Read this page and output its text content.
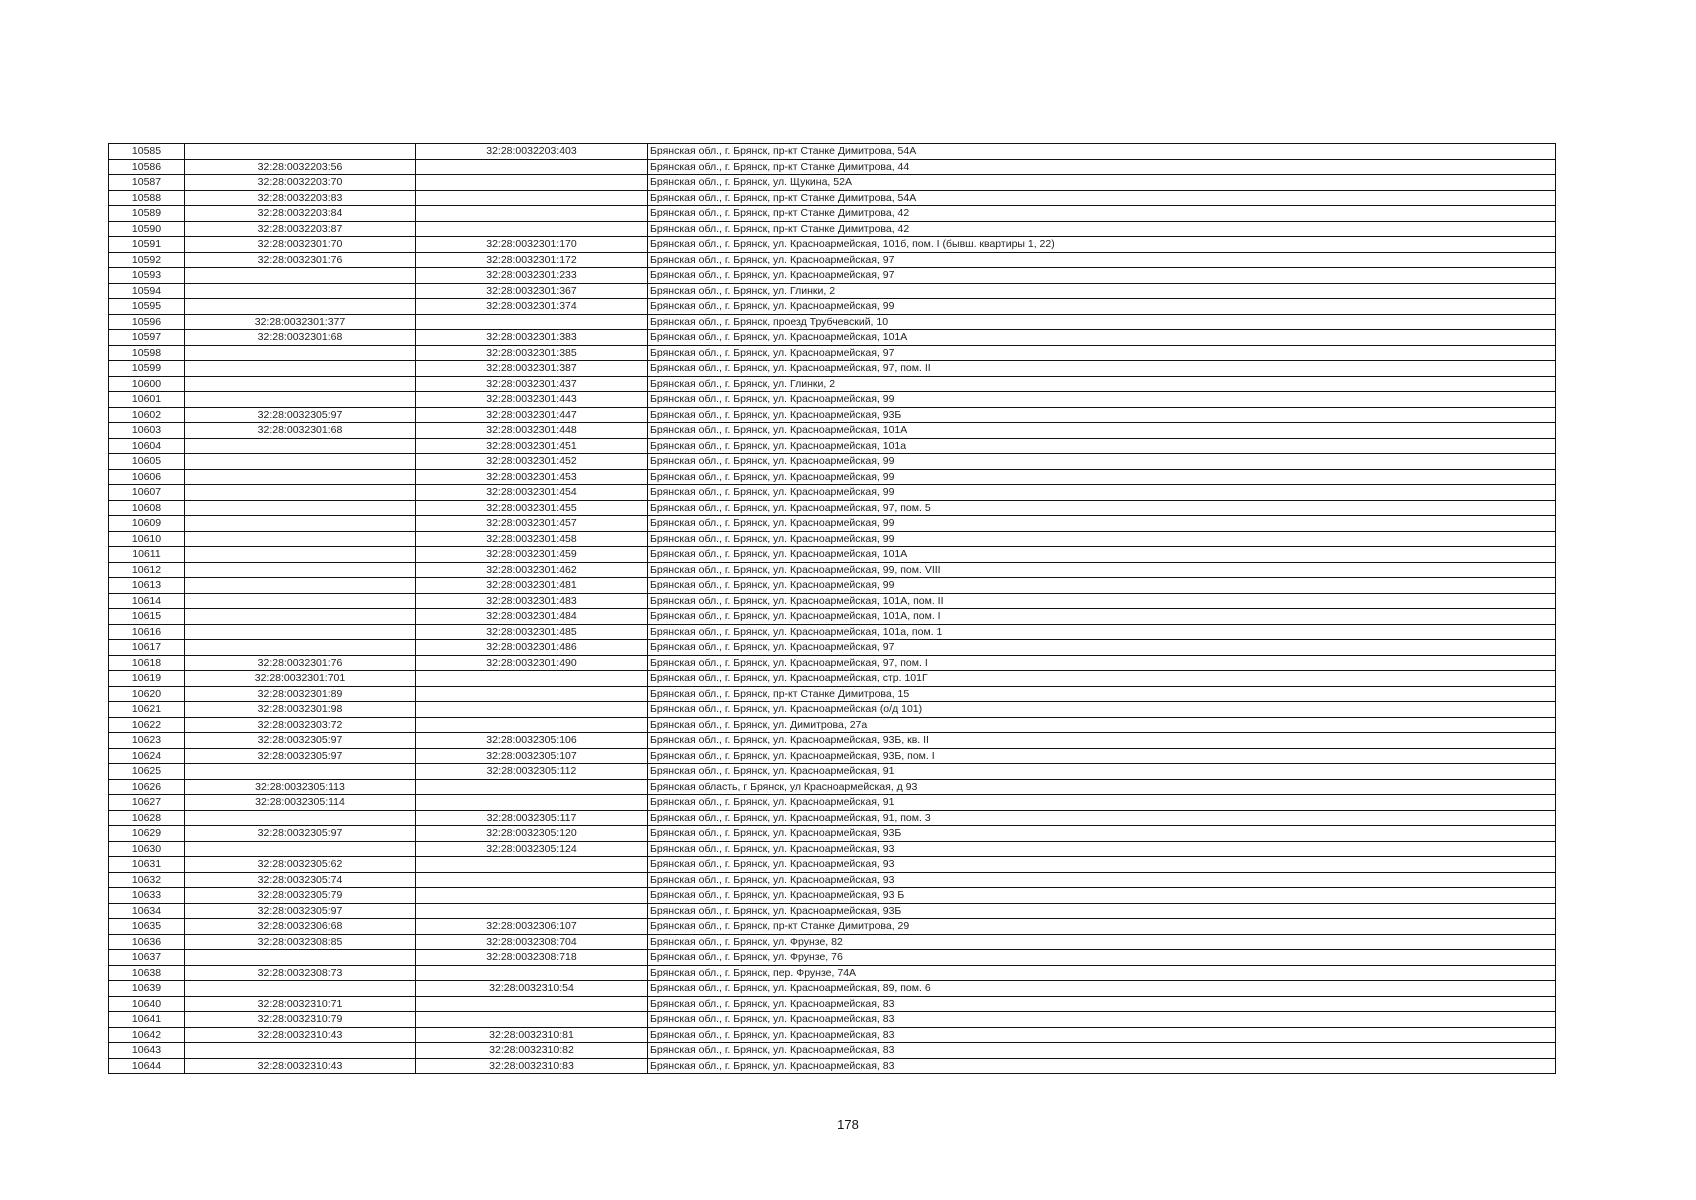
10585		32:28:0032203:403	Брянская обл., г. Брянск, пр-кт Станке Димитрова, 54А
10586	32:28:0032203:56		Брянская обл., г. Брянск, пр-кт Станке Димитрова, 44
10587	32:28:0032203:70		Брянская обл., г. Брянск, ул. Щукина, 52А
10588	32:28:0032203:83		Брянская обл., г. Брянск, пр-кт Станке Димитрова, 54А
10589	32:28:0032203:84		Брянская обл., г. Брянск, пр-кт Станке Димитрова, 42
10590	32:28:0032203:87		Брянская обл., г. Брянск, пр-кт Станке Димитрова, 42
10591	32:28:0032301:70	32:28:0032301:170	Брянская обл., г. Брянск, ул. Красноармейская, 101б, пом. I (бывш. квартиры 1, 22)
10592	32:28:0032301:76	32:28:0032301:172	Брянская обл., г. Брянск, ул. Красноармейская, 97
10593		32:28:0032301:233	Брянская обл., г. Брянск, ул. Красноармейская, 97
10594		32:28:0032301:367	Брянская обл., г. Брянск, ул. Глинки, 2
10595		32:28:0032301:374	Брянская обл., г. Брянск, ул. Красноармейская, 99
10596	32:28:0032301:377		Брянская обл., г. Брянск, проезд Трубчевский, 10
10597	32:28:0032301:68	32:28:0032301:383	Брянская обл., г. Брянск, ул. Красноармейская, 101А
10598		32:28:0032301:385	Брянская обл., г. Брянск, ул. Красноармейская, 97
10599		32:28:0032301:387	Брянская обл., г. Брянск, ул. Красноармейская, 97, пом. II
10600		32:28:0032301:437	Брянская обл., г. Брянск, ул. Глинки, 2
10601		32:28:0032301:443	Брянская обл., г. Брянск, ул. Красноармейская, 99
10602	32:28:0032305:97	32:28:0032301:447	Брянская обл., г. Брянск, ул. Красноармейская, 93Б
10603	32:28:0032301:68	32:28:0032301:448	Брянская обл., г. Брянск, ул. Красноармейская, 101А
10604		32:28:0032301:451	Брянская обл., г. Брянск, ул. Красноармейская, 101а
10605		32:28:0032301:452	Брянская обл., г. Брянск, ул. Красноармейская, 99
10606		32:28:0032301:453	Брянская обл., г. Брянск, ул. Красноармейская, 99
10607		32:28:0032301:454	Брянская обл., г. Брянск, ул. Красноармейская, 99
10608		32:28:0032301:455	Брянская обл., г. Брянск, ул. Красноармейская, 97, пом. 5
10609		32:28:0032301:457	Брянская обл., г. Брянск, ул. Красноармейская, 99
10610		32:28:0032301:458	Брянская обл., г. Брянск, ул. Красноармейская, 99
10611		32:28:0032301:459	Брянская обл., г. Брянск, ул. Красноармейская, 101А
10612		32:28:0032301:462	Брянская обл., г. Брянск, ул. Красноармейская, 99, пом. VIII
10613		32:28:0032301:481	Брянская обл., г. Брянск, ул. Красноармейская, 99
10614		32:28:0032301:483	Брянская обл., г. Брянск, ул. Красноармейская, 101А, пом. II
10615		32:28:0032301:484	Брянская обл., г. Брянск, ул. Красноармейская, 101А, пом. I
10616		32:28:0032301:485	Брянская обл., г. Брянск, ул. Красноармейская, 101а, пом. 1
10617		32:28:0032301:486	Брянская обл., г. Брянск, ул. Красноармейская, 97
10618	32:28:0032301:76	32:28:0032301:490	Брянская обл., г. Брянск, ул. Красноармейская, 97, пом. I
10619	32:28:0032301:701		Брянская обл., г. Брянск, ул. Красноармейская, стр. 101Г
10620	32:28:0032301:89		Брянская обл., г. Брянск, пр-кт Станке Димитрова, 15
10621	32:28:0032301:98		Брянская обл., г. Брянск, ул. Красноармейская (о/д 101)
10622	32:28:0032303:72		Брянская обл., г. Брянск, ул. Димитрова, 27а
10623	32:28:0032305:97	32:28:0032305:106	Брянская обл., г. Брянск, ул. Красноармейская, 93Б, кв. II
10624	32:28:0032305:97	32:28:0032305:107	Брянская обл., г. Брянск, ул. Красноармейская, 93Б, пом. I
10625		32:28:0032305:112	Брянская обл., г. Брянск, ул. Красноармейская, 91
10626	32:28:0032305:113		Брянская область, г Брянск, ул Красноармейская, д 93
10627	32:28:0032305:114		Брянская обл., г. Брянск, ул. Красноармейская, 91
10628		32:28:0032305:117	Брянская обл., г. Брянск, ул. Красноармейская, 91, пом. 3
10629	32:28:0032305:97	32:28:0032305:120	Брянская обл., г. Брянск, ул. Красноармейская, 93Б
10630		32:28:0032305:124	Брянская обл., г. Брянск, ул. Красноармейская, 93
10631	32:28:0032305:62		Брянская обл., г. Брянск, ул. Красноармейская, 93
10632	32:28:0032305:74		Брянская обл., г. Брянск, ул. Красноармейская, 93
10633	32:28:0032305:79		Брянская обл., г. Брянск, ул. Красноармейская, 93 Б
10634	32:28:0032305:97		Брянская обл., г. Брянск, ул. Красноармейская, 93Б
10635	32:28:0032306:68	32:28:0032306:107	Брянская обл., г. Брянск, пр-кт Станке Димитрова, 29
10636	32:28:0032308:85	32:28:0032308:704	Брянская обл., г. Брянск, ул. Фрунзе, 82
10637		32:28:0032308:718	Брянская обл., г. Брянск, ул. Фрунзе, 76
10638	32:28:0032308:73		Брянская обл., г. Брянск, пер. Фрунзе, 74А
10639		32:28:0032310:54	Брянская обл., г. Брянск, ул. Красноармейская, 89, пом. 6
10640	32:28:0032310:71		Брянская обл., г. Брянск, ул. Красноармейская, 83
10641	32:28:0032310:79		Брянская обл., г. Брянск, ул. Красноармейская, 83
10642	32:28:0032310:43	32:28:0032310:81	Брянская обл., г. Брянск, ул. Красноармейская, 83
10643		32:28:0032310:82	Брянская обл., г. Брянск, ул. Красноармейская, 83
10644	32:28:0032310:43	32:28:0032310:83	Брянская обл., г. Брянск, ул. Красноармейская, 83
178
